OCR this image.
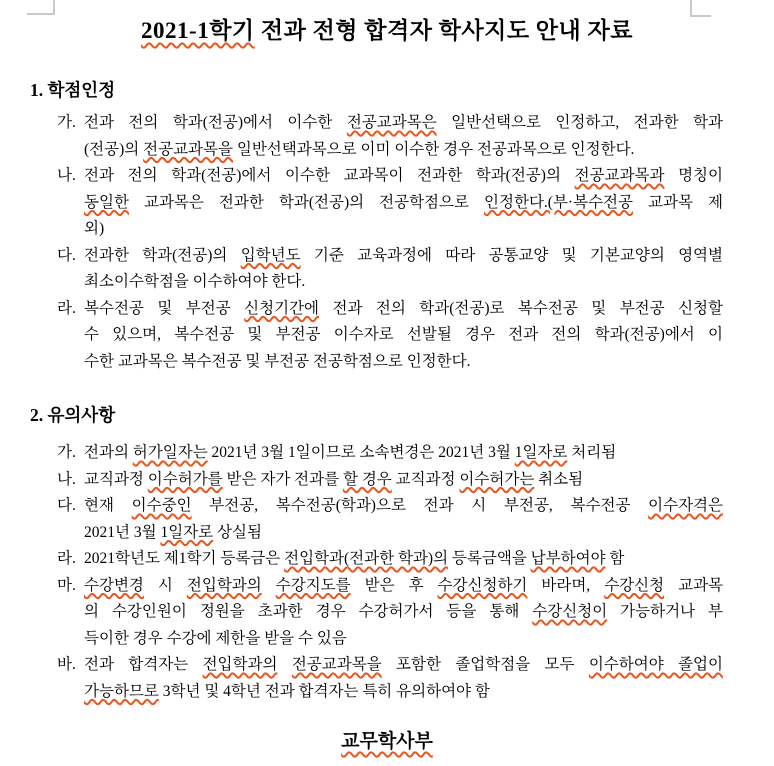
2021-1학기 전과 전형 합격자 학사지도 안내 자료
1. 학점인정
가. 전과 전의 학과(전공)에서 이수한 전공교과목은 일반선택으로 인정하고, 전과한 학과
(전공)의 전공교과목을 일반선택과목으로 이미 이수한 경우 전공과목으로 인정한다.
나. 전과 전의 학과(전공)에서 이수한 교과목이 전과한 학과(전공)의 전공교과목과 명칭이
동일한 교과목은 전과한 학과(전공)의 전공학점으로 인정한다.(부·복수전공 교과목 제
외)
다. 전과한 학과(전공)의 입학년도 기준 교육과정에 따라 공통교양 및 기본교양의 영역별
최소이수학점을 이수하여야 한다.
라. 복수전공 및 부전공 신청기간에 전과 전의 학과(전공)로 복수전공 및 부전공 신청할
수 있으며, 복수전공 및 부전공 이수자로 선발될 경우 전과 전의 학과(전공)에서 이
수한 교과목은 복수전공 및 부전공 전공학점으로 인정한다.
2. 유의사항
가. 전과의 허가일자는 2021년 3월 1일이므로 소속변경은 2021년 3월 1일자로 처리됨
나. 교직과정 이수허가를 받은 자가 전과를 할 경우 교직과정 이수허가는 취소됨
다. 현재 이수중인 부전공, 복수전공(학과)으로 전과 시 부전공, 복수전공 이수자격은
2021년 3월 1일자로 상실됨
라. 2021학년도 제1학기 등록금은 전입학과(전과한 학과)의 등록금액을 납부하여야 함
마. 수강변경 시 전입학과의 수강지도를 받은 후 수강신청하기 바라며, 수강신청 교과목
의 수강인원이 정원을 초과한 경우 수강허가서 등을 통해 수강신청이 가능하거나 부
득이한 경우 수강에 제한을 받을 수 있음
바. 전과 합격자는 전입학과의 전공교과목을 포함한 졸업학점을 모두 이수하여야 졸업이
가능하므로 3학년 및 4학년 전과 합격자는 특히 유의하여야 함
교무학사부
